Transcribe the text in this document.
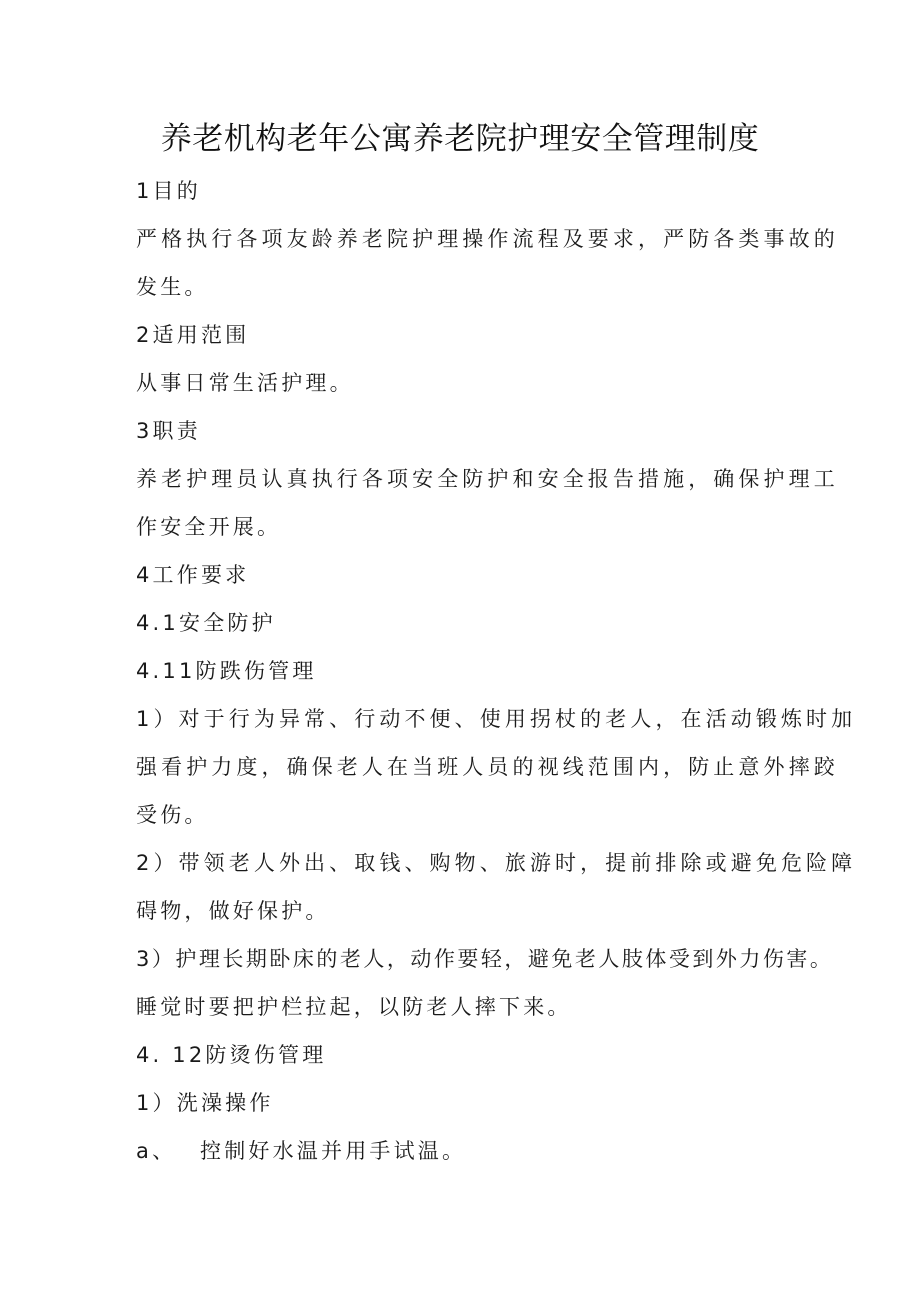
养老机构老年公寓养老院护理安全管理制度
1目的
严格执行各项友龄养老院护理操作流程及要求，严防各类事故的
发生。
2适用范围
从事日常生活护理。
3职责
养老护理员认真执行各项安全防护和安全报告措施，确保护理工
作安全开展。
4工作要求
4.1安全防护
4.11防跌伤管理
1）对于行为异常、行动不便、使用拐杖的老人，在活动锻炼时加
强看护力度，确保老人在当班人员的视线范围内，防止意外摔跤
受伤。
2）带领老人外出、取钱、购物、旅游时，提前排除或避免危险障
碍物，做好保护。
3）护理长期卧床的老人，动作要轻，避免老人肢体受到外力伤害。
睡觉时要把护栏拉起，以防老人摔下来。
4. 12防烫伤管理
1）洗澡操作
a、 控制好水温并用手试温。
